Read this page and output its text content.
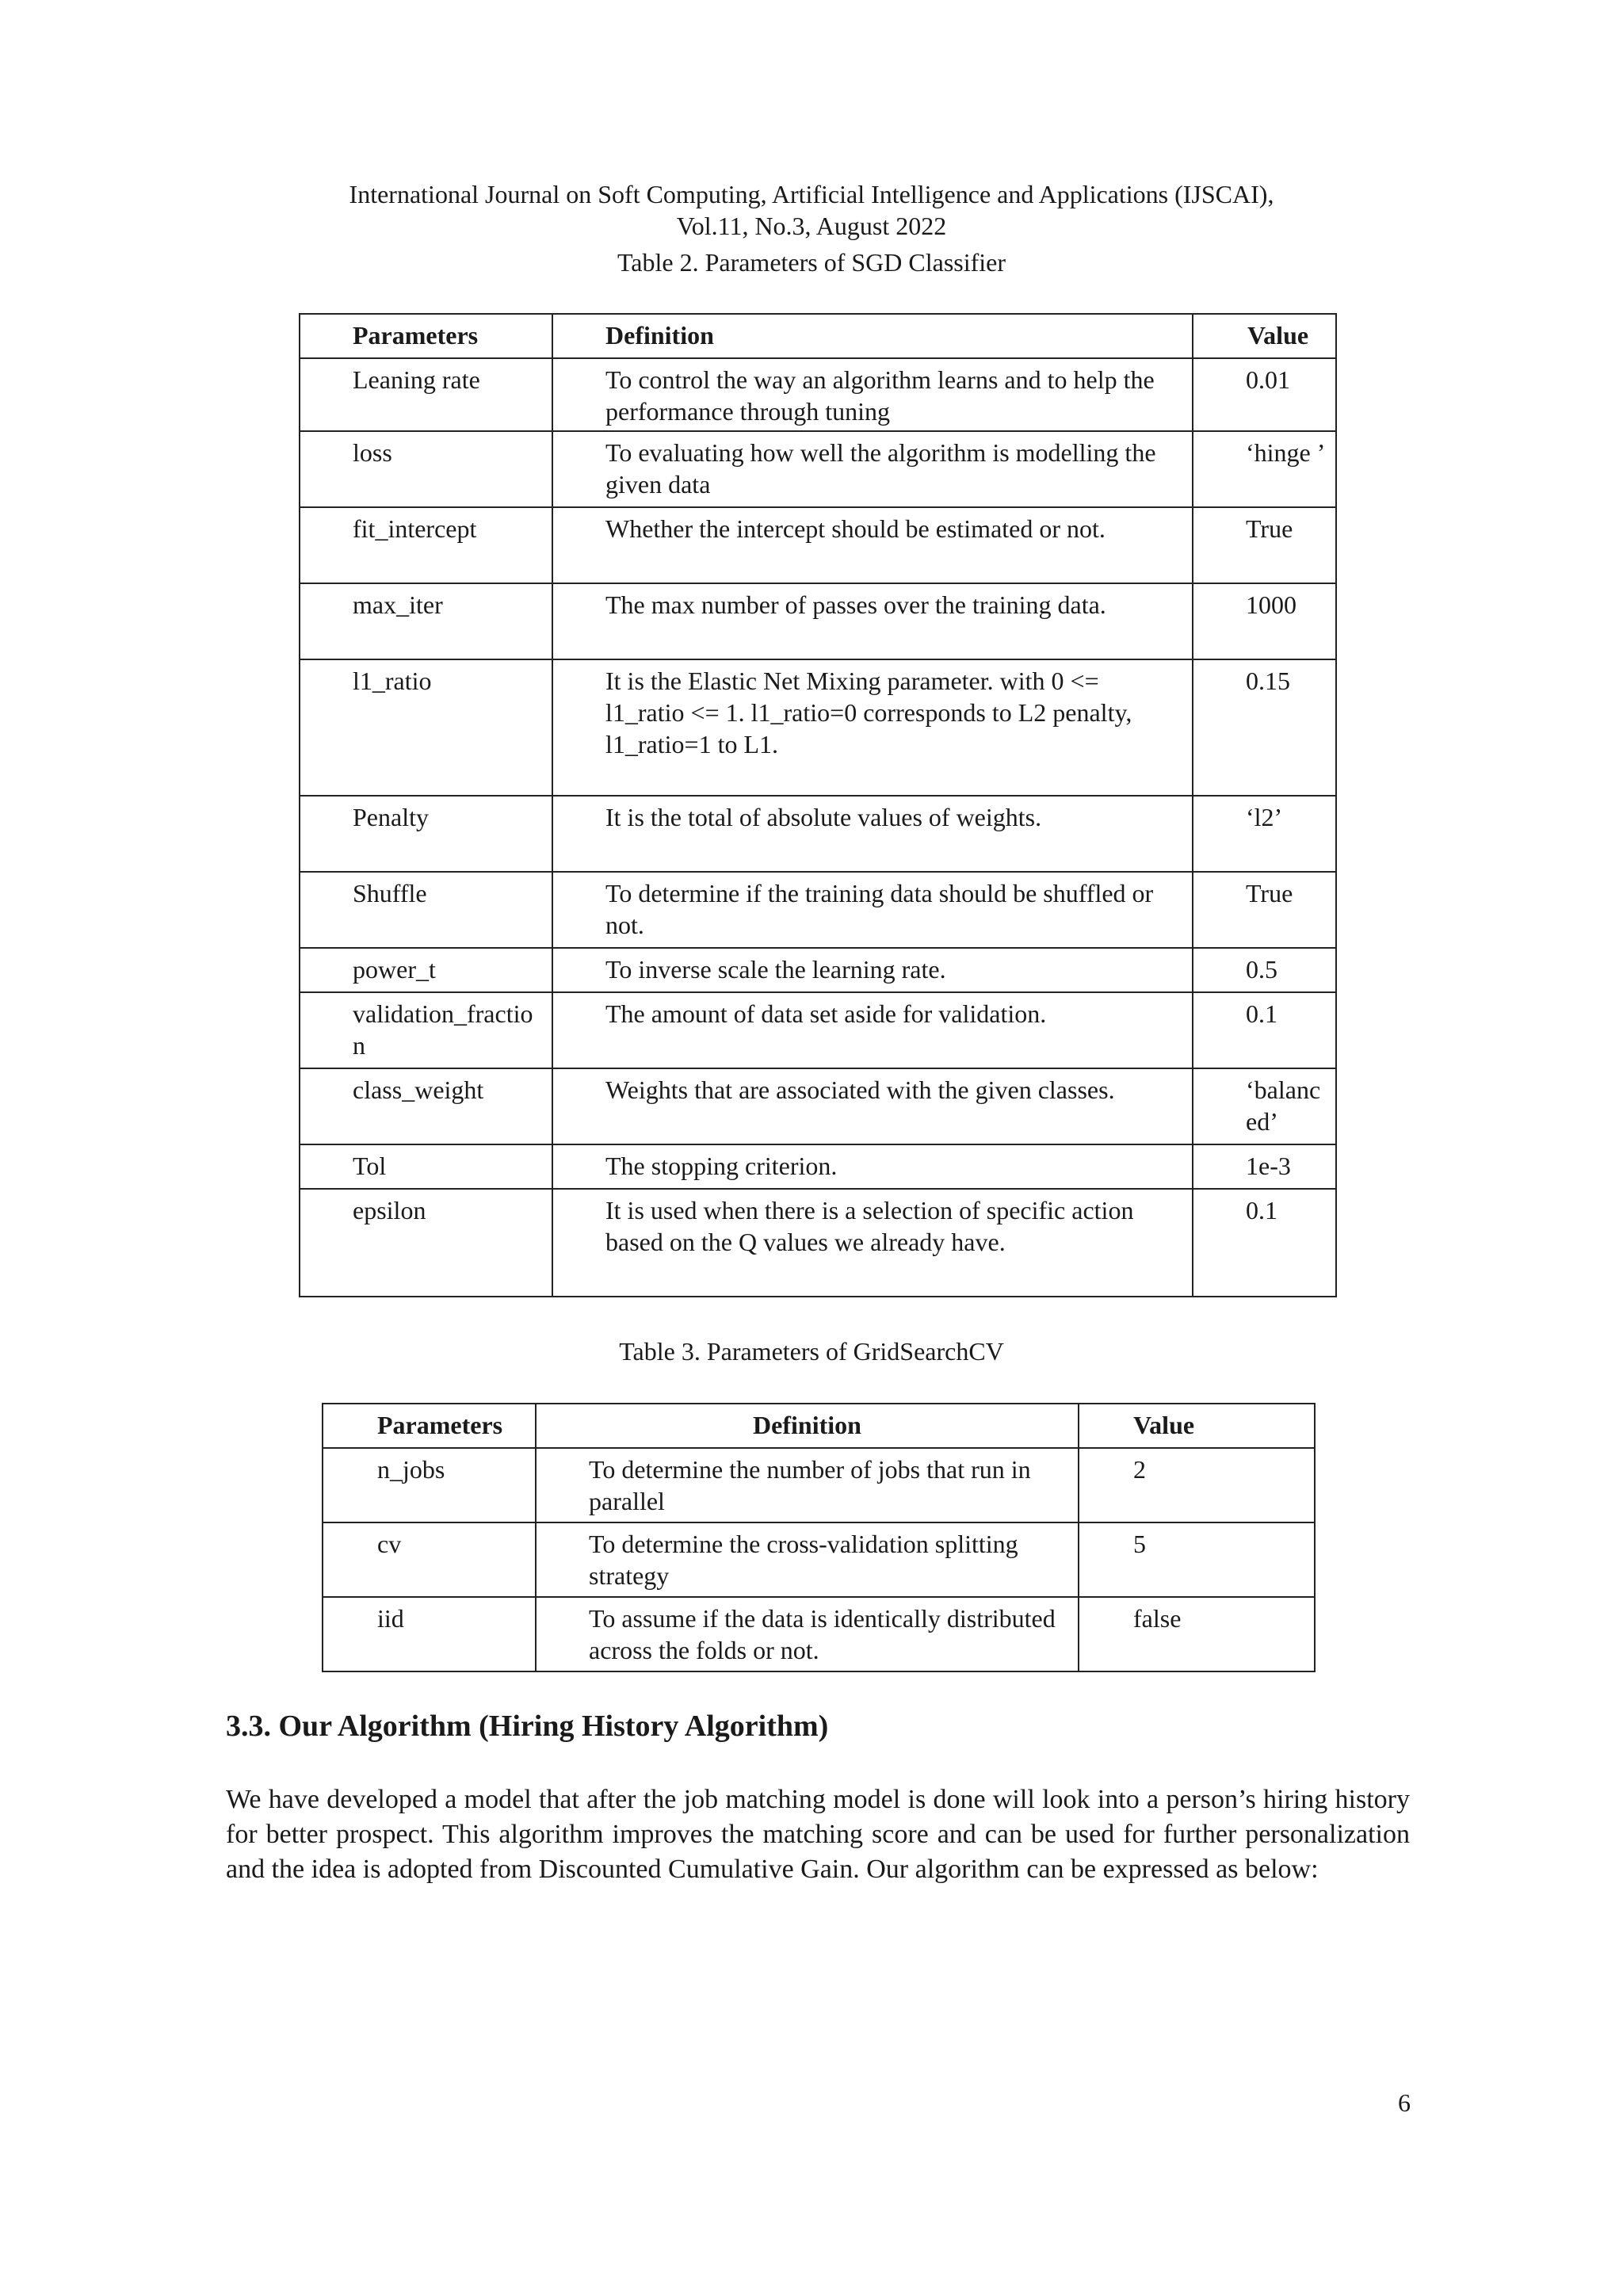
International Journal on Soft Computing, Artificial Intelligence and Applications (IJSCAI),
Vol.11, No.3, August 2022
Table 2. Parameters of SGD Classifier
Parameters	Definition	Value
Leaning rate	To control the way an algorithm learns and to help the performance through tuning	0.01
loss	To evaluating how well the algorithm is modelling the given data	‘hinge ’
fit_intercept	Whether the intercept should be estimated or not.	True
max_iter	The max number of passes over the training data.	1000
l1_ratio	It is the Elastic Net Mixing parameter. with 0 <= l1_ratio <= 1. l1_ratio=0 corresponds to L2 penalty, l1_ratio=1 to L1.	0.15
Penalty	It is the total of absolute values of weights.	‘l2’
Shuffle	To determine if the training data should be shuffled or not.	True
power_t	To inverse scale the learning rate.	0.5
validation_fraction	The amount of data set aside for validation.	0.1
class_weight	Weights that are associated with the given classes.	‘balanced’
Tol	The stopping criterion.	1e-3
epsilon	It is used when there is a selection of specific action based on the Q values we already have.	0.1
Table 3. Parameters of GridSearchCV
Parameters	Definition	Value
n_jobs	To determine the number of jobs that run in parallel	2
cv	To determine the cross-validation splitting strategy	5
iid	To assume if the data is identically distributed across the folds or not.	false
3.3. Our Algorithm (Hiring History Algorithm)
We have developed a model that after the job matching model is done will look into a person’s hiring history for better prospect. This algorithm improves the matching score and can be used for further personalization and the idea is adopted from Discounted Cumulative Gain. Our algorithm can be expressed as below:
6
